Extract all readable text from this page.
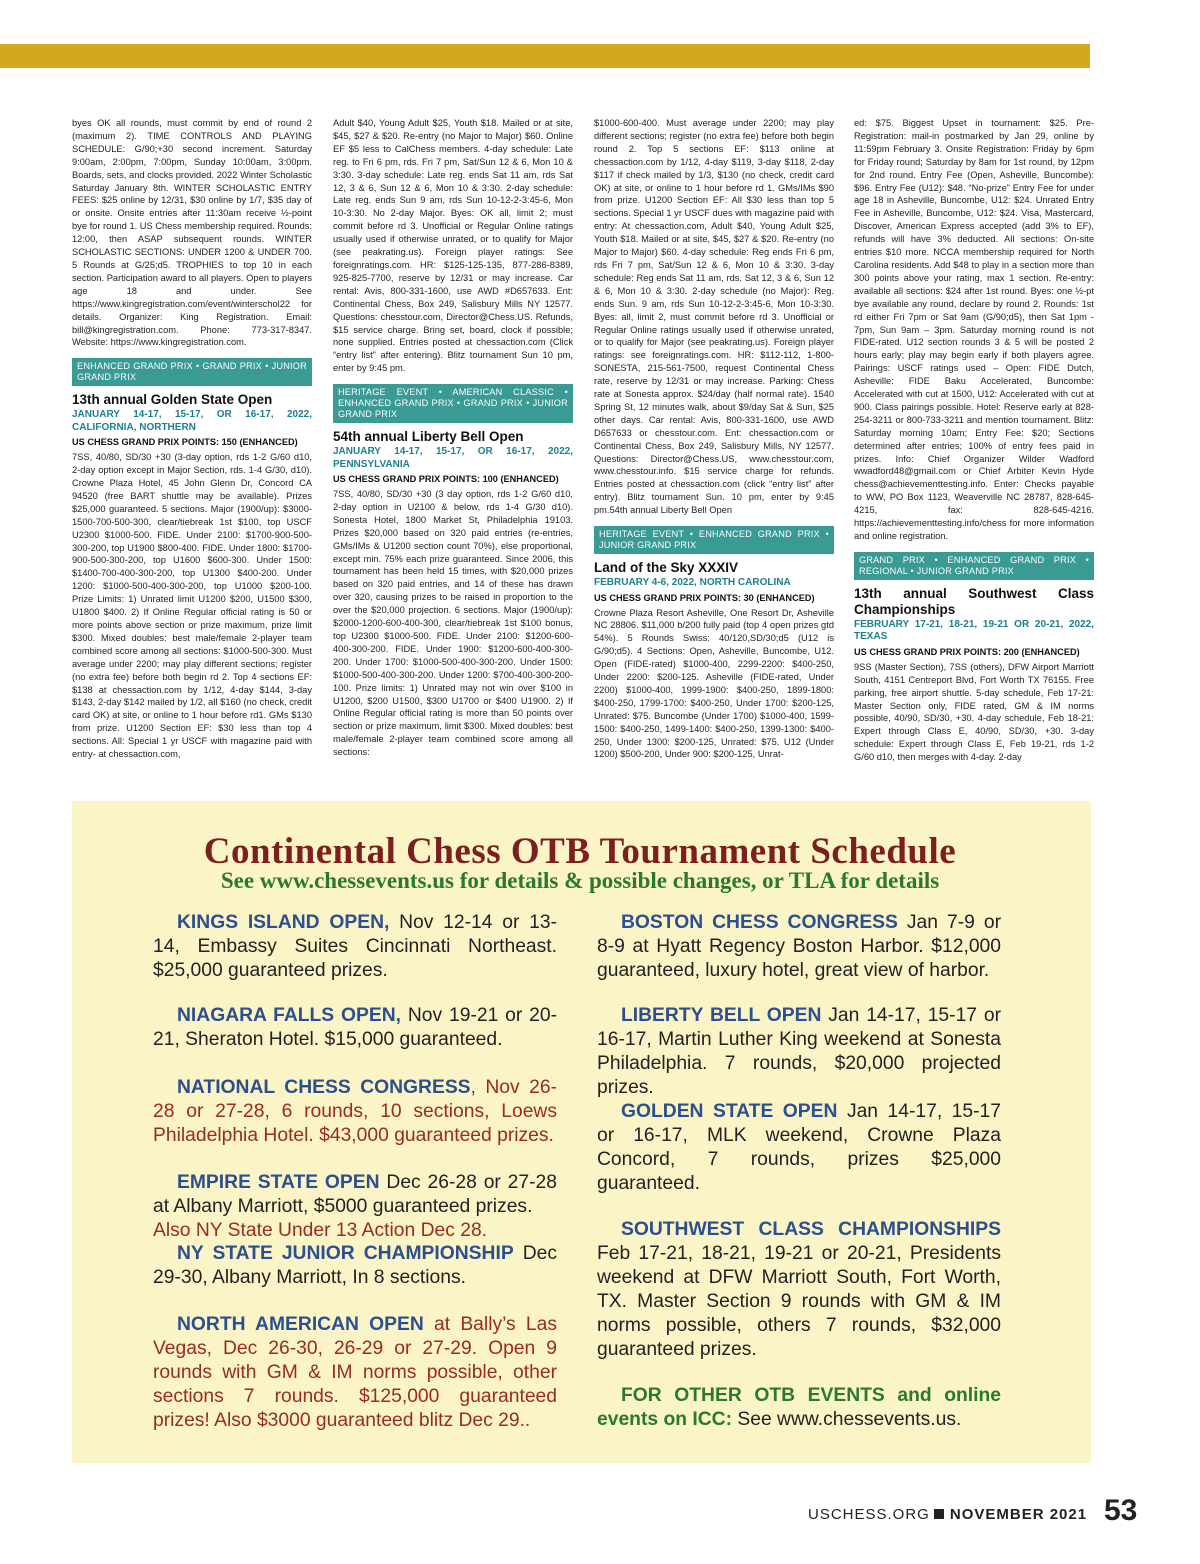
byes OK all rounds, must commit by end of round 2 (maximum 2). TIME CONTROLS AND PLAYING SCHEDULE: G/90;+30 second increment. Saturday 9:00am, 2:00pm, 7:00pm, Sunday 10:00am, 3:00pm. Boards, sets, and clocks provided. 2022 Winter Scholastic Saturday January 8th. WINTER SCHOLASTIC ENTRY FEES: $25 online by 12/31, $30 online by 1/7, $35 day of or onsite. Onsite entries after 11:30am receive ½-point bye for round 1. US Chess membership required. Rounds: 12:00, then ASAP subsequent rounds. WINTER SCHOLASTIC SECTIONS: UNDER 1200 & UNDER 700. 5 Rounds at G/25;d5. TROPHIES to top 10 in each section. Participation award to all players. Open to players age 18 and under. See https://www.kingregistration.com/event/winterschol22 for details. Organizer: King Registration. Email: bill@kingregistration.com. Phone: 773-317-8347. Website: https://www.kingregistration.com.

ENHANCED GRAND PRIX • GRAND PRIX • JUNIOR GRAND PRIX
13th annual Golden State Open
JANUARY 14-17, 15-17, OR 16-17, 2022, CALIFORNIA, NORTHERN
US CHESS GRAND PRIX POINTS: 150 (ENHANCED)

7SS, 40/80, SD/30 +30 (3-day option, rds 1-2 G/60 d10, 2-day option except in Major Section, rds. 1-4 G/30, d10). Crowne Plaza Hotel, 45 John Glenn Dr, Concord CA 94520 (free BART shuttle may be available). Prizes $25,000 guaranteed. 5 sections. Major (1900/up): $3000-1500-700-500-300, clear/tiebreak 1st $100, top USCF U2300 $1000-500. FIDE. Under 2100: $1700-900-500-300-200, top U1900 $800-400. FIDE. Under 1800: $1700-900-500-300-200, top U1600 $600-300. Under 1500: $1400-700-400-300-200, top U1300 $400-200. Under 1200: $1000-500-400-300-200, top U1000 $200-100. Prize Limits: 1) Unrated limit U1200 $200, U1500 $300, U1800 $400. 2) If Online Regular official rating is 50 or more points above section or prize maximum, prize limit $300. Mixed doubles: best male/female 2-player team combined score among all sections: $1000-500-300. Must average under 2200; may play different sections; register (no extra fee) before both begin rd 2. Top 4 sections EF: $138 at chessaction.com by 1/12, 4-day $144, 3-day $143, 2-day $142 mailed by 1/2, all $160 (no check, credit card OK) at site, or online to 1 hour before rd1. GMs $130 from prize. U1200 Section EF: $30 less than top 4 sections. All: Special 1 yr USCF with magazine paid with entry- at chessaction.com,

Adult $40, Young Adult $25, Youth $18. Mailed or at site, $45, $27 & $20. Re-entry (no Major to Major) $60. Online EF $5 less to CalChess members. 4-day schedule: Late reg. to Fri 6 pm, rds. Fri 7 pm, Sat/Sun 12 & 6, Mon 10 & 3:30. 3-day schedule: Late reg. ends Sat 11 am, rds Sat 12, 3 & 6, Sun 12 & 6, Mon 10 & 3:30. 2-day schedule: Late reg. ends Sun 9 am, rds Sun 10-12-2-3:45-6, Mon 10-3:30. No 2-day Major. Byes: OK all, limit 2; must commit before rd 3. Unofficial or Regular Online ratings usually used if otherwise unrated, or to qualify for Major (see peakrating.us). Foreign player ratings: See foreignratings.com. HR: $125-125-135, 877-286-8389, 925-825-7700, reserve by 12/31 or may increase. Car rental: Avis, 800-331-1600, use AWD #D657633. Ent: Continental Chess, Box 249, Salisbury Mills NY 12577. Questions: chesstour.com, Director@Chess.US. Refunds, $15 service charge. Bring set, board, clock if possible; none supplied. Entries posted at chessaction.com (Click “entry list” after entering). Blitz tournament Sun 10 pm, enter by 9:45 pm.

HERITAGE EVENT • AMERICAN CLASSIC • ENHANCED GRAND PRIX • GRAND PRIX • JUNIOR GRAND PRIX
54th annual Liberty Bell Open
JANUARY 14-17, 15-17, OR 16-17, 2022, PENNSYLVANIA
US CHESS GRAND PRIX POINTS: 100 (ENHANCED)

7SS, 40/80, SD/30 +30 (3 day option, rds 1-2 G/60 d10, 2-day option in U2100 & below, rds 1-4 G/30 d10). Sonesta Hotel, 1800 Market St, Philadelphia 19103. Prizes $20,000 based on 320 paid entries (re-entries, GMs/IMs & U1200 section count 70%), else proportional, except min. 75% each prize guaranteed. Since 2006, this tournament has been held 15 times, with $20,000 prizes based on 320 paid entries, and 14 of these has drawn over 320, causing prizes to be raised in proportion to the over the $20,000 projection. 6 sections. Major (1900/up): $2000-1200-600-400-300, clear/tiebreak 1st $100 bonus, top U2300 $1000-500. FIDE. Under 2100: $1200-600-400-300-200. FIDE. Under 1900: $1200-600-400-300-200. Under 1700: $1000-500-400-300-200. Under 1500: $1000-500-400-300-200. Under 1200: $700-400-300-200-100. Prize limits: 1) Unrated may not win over $100 in U1200, $200 U1500, $300 U1700 or $400 U1900. 2) If Online Regular official rating is more than 50 points over section or prize maximum, limit $300. Mixed doubles: best male/female 2-player team combined score among all sections:

$1000-600-400. Must average under 2200; may play different sections; register (no extra fee) before both begin round 2. Top 5 sections EF: $113 online at chessaction.com by 1/12, 4-day $119, 3-day $118, 2-day $117 if check mailed by 1/3, $130 (no check, credit card OK) at site, or online to 1 hour before rd 1. GMs/IMs $90 from prize. U1200 Section EF: All $30 less than top 5 sections. Special 1 yr USCF dues with magazine paid with entry: At chessaction.com, Adult $40, Young Adult $25, Youth $18. Mailed or at site, $45, $27 & $20. Re-entry (no Major to Major) $60. 4-day schedule: Reg ends Fri 6 pm, rds Fri 7 pm, Sat/Sun 12 & 6, Mon 10 & 3:30. 3-day schedule: Reg ends Sat 11 am, rds. Sat 12, 3 & 6, Sun 12 & 6, Mon 10 & 3:30. 2-day schedule (no Major): Reg. ends Sun. 9 am, rds Sun 10-12-2-3:45-6, Mon 10-3:30. Byes: all, limit 2, must commit before rd 3. Unofficial or Regular Online ratings usually used if otherwise unrated, or to qualify for Major (see peakrating.us). Foreign player ratings: see foreignratings.com. HR: $112-112, 1-800-SONESTA, 215-561-7500, request Continental Chess rate, reserve by 12/31 or may increase. Parking: Chess rate at Sonesta approx. $24/day (half normal rate). 1540 Spring St, 12 minutes walk, about $9/day Sat & Sun, $25 other days. Car rental: Avis, 800-331-1600, use AWD D657633 or chesstour.com. Ent: chessaction.com or Continental Chess, Box 249, Salisbury Mills, NY 12577. Questions: Director@Chess.US, www.chesstour.com, www.chesstour.info. $15 service charge for refunds. Entries posted at chessaction.com (click “entry list” after entry). Blitz tournament Sun. 10 pm, enter by 9:45 pm.54th annual Liberty Bell Open

HERITAGE EVENT • ENHANCED GRAND PRIX • JUNIOR GRAND PRIX
Land of the Sky XXXIV
FEBRUARY 4-6, 2022, NORTH CAROLINA
US CHESS GRAND PRIX POINTS: 30 (ENHANCED)

Crowne Plaza Resort Asheville, One Resort Dr, Asheville NC 28806. $11,000 b/200 fully paid (top 4 open prizes gtd 54%). 5 Rounds Swiss: 40/120,SD/30;d5 (U12 is G/90;d5). 4 Sections: Open, Asheville, Buncombe, U12. Open (FIDE-rated) $1000-400, 2299-2200: $400-250, Under 2200: $200-125. Asheville (FIDE-rated, Under 2200) $1000-400, 1999-1900: $400-250, 1899-1800: $400-250, 1799-1700: $400-250, Under 1700: $200-125, Unrated: $75. Buncombe (Under 1700) $1000-400, 1599-1500: $400-250, 1499-1400: $400-250, 1399-1300: $400-250, Under 1300: $200-125, Unrated: $75. U12 (Under 1200) $500-200, Under 900: $200-125, Unrat-

ed: $75. Biggest Upset in tournament: $25. Pre-Registration: mail-in postmarked by Jan 29, online by 11:59pm February 3. Onsite Registration: Friday by 6pm for Friday round; Saturday by 8am for 1st round, by 12pm for 2nd round. Entry Fee (Open, Asheville, Buncombe): $96. Entry Fee (U12): $48. “No-prize” Entry Fee for under age 18 in Asheville, Buncombe, U12: $24. Unrated Entry Fee in Asheville, Buncombe, U12: $24. Visa, Mastercard, Discover, American Express accepted (add 3% to EF), refunds will have 3% deducted. All sections: On-site entries $10 more. NCCA membership required for North Carolina residents. Add $48 to play in a section more than 300 points above your rating, max 1 section. Re-entry: available all sections: $24 after 1st round. Byes: one ½-pt bye available any round, declare by round 2. Rounds: 1st rd either Fri 7pm or Sat 9am (G/90;d5), then Sat 1pm - 7pm, Sun 9am – 3pm. Saturday morning round is not FIDE-rated. U12 section rounds 3 & 5 will be posted 2 hours early; play may begin early if both players agree. Pairings: USCF ratings used – Open: FIDE Dutch, Asheville: FIDE Baku Accelerated, Buncombe: Accelerated with cut at 1500, U12: Accelerated with cut at 900. Class pairings possible. Hotel: Reserve early at 828-254-3211 or 800-733-3211 and mention tournament. Blitz: Saturday morning 10am; Entry Fee: $20; Sections determined after entries; 100% of entry fees paid in prizes. Info: Chief Organizer Wilder Wadford wwadford48@gmail.com or Chief Arbiter Kevin Hyde chess@achievementtesting.info. Enter: Checks payable to WW, PO Box 1123, Weaverville NC 28787, 828-645-4215, fax: 828-645-4216. https://achievementtesting.info/chess for more information and online registration.

GRAND PRIX • ENHANCED GRAND PRIX • REGIONAL • JUNIOR GRAND PRIX
13th annual Southwest Class Championships
FEBRUARY 17-21, 18-21, 19-21 OR 20-21, 2022, TEXAS
US CHESS GRAND PRIX POINTS: 200 (ENHANCED)

9SS (Master Section), 7SS (others), DFW Airport Marriott South, 4151 Centreport Blvd, Fort Worth TX 76155. Free parking, free airport shuttle. 5-day schedule, Feb 17-21: Master Section only, FIDE rated, GM & IM norms possible, 40/90, SD/30, +30. 4-day schedule, Feb 18-21: Expert through Class E, 40/90, SD/30, +30. 3-day schedule: Expert through Class E, Feb 19-21, rds 1-2 G/60 d10, then merges with 4-day. 2-day

Continental Chess OTB Tournament Schedule
See www.chessevents.us for details & possible changes, or TLA for details

KINGS ISLAND OPEN, Nov 12-14 or 13-14, Embassy Suites Cincinnati Northeast. $25,000 guaranteed prizes.

NIAGARA FALLS OPEN, Nov 19-21 or 20-21, Sheraton Hotel. $15,000 guaranteed.

NATIONAL CHESS CONGRESS, Nov 26-28 or 27-28, 6 rounds, 10 sections, Loews Philadelphia Hotel. $43,000 guaranteed prizes.

EMPIRE STATE OPEN Dec 26-28 or 27-28 at Albany Marriott, $5000 guaranteed prizes.

Also NY State Under 13 Action Dec 28.

NY STATE JUNIOR CHAMPIONSHIP Dec 29-30, Albany Marriott, In 8 sections.

NORTH AMERICAN OPEN at Bally’s Las Vegas, Dec 26-30, 26-29 or 27-29. Open 9 rounds with GM & IM norms possible, other sections 7 rounds. $125,000 guaranteed prizes! Also $3000 guaranteed blitz Dec 29..

BOSTON CHESS CONGRESS Jan 7-9 or 8-9 at Hyatt Regency Boston Harbor. $12,000 guaranteed, luxury hotel, great view of harbor.

LIBERTY BELL OPEN Jan 14-17, 15-17 or 16-17, Martin Luther King weekend at Sonesta Philadelphia. 7 rounds, $20,000 projected prizes.

GOLDEN STATE OPEN Jan 14-17, 15-17 or 16-17, MLK weekend, Crowne Plaza Concord, 7 rounds, prizes $25,000 guaranteed.

SOUTHWEST CLASS CHAMPIONSHIPS Feb 17-21, 18-21, 19-21 or 20-21, Presidents weekend at DFW Marriott South, Fort Worth, TX. Master Section 9 rounds with GM & IM norms possible, others 7 rounds, $32,000 guaranteed prizes.

FOR OTHER OTB EVENTS and online events on ICC: See www.chessevents.us.

USCHESS.ORG NOVEMBER 2021 53
